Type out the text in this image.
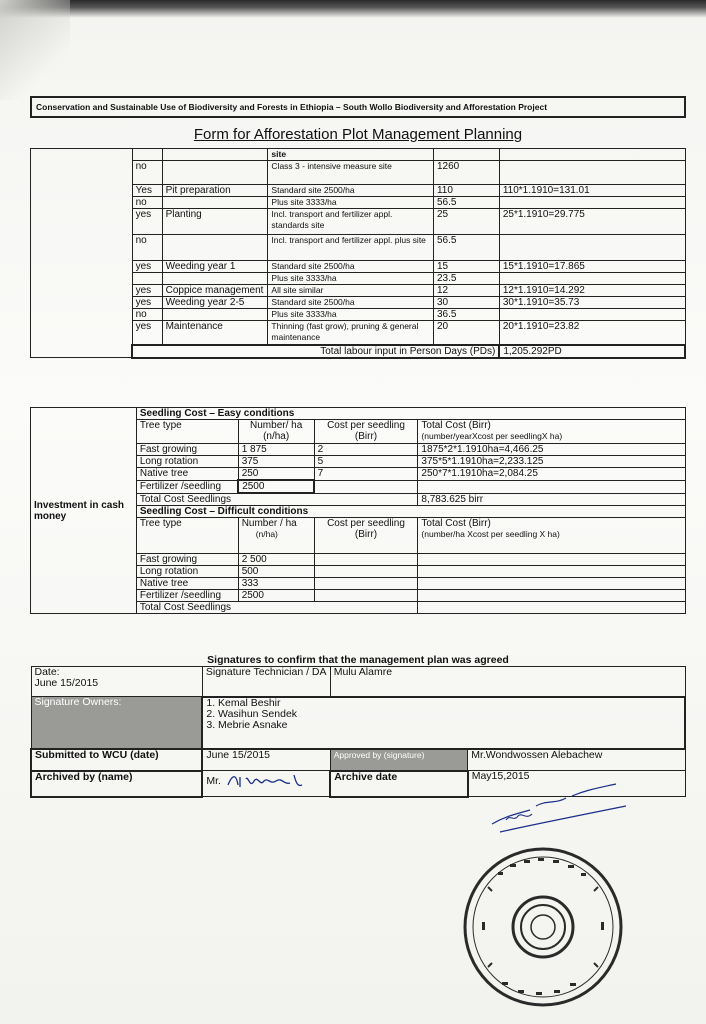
Conservation and Sustainable Use of Biodiversity and Forests in Ethiopia – South Wollo Biodiversity and Afforestation Project
Form for Afforestation Plot Management Planning
			site		
	no		Class 3 - intensive measure site	1260	
	Yes	Pit preparation	Standard site 2500/ha	110	110*1.1910=131.01
	no		Plus site 3333/ha	56.5	
	yes	Planting	Incl. transport and fertilizer appl. standards site	25	25*1.1910=29.775
	no		Incl. transport and fertilizer appl. plus site	56.5	
	yes	Weeding year 1	Standard site 2500/ha	15	15*1.1910=17.865
			Plus site 3333/ha	23.5	
	yes	Coppice management	All site similar	12	12*1.1910=14.292
	yes	Weeding year 2-5	Standard site 2500/ha	30	30*1.1910=35.73
	no		Plus site 3333/ha	36.5	
	yes	Maintenance	Thinning (fast grow), pruning & general maintenance	20	20*1.1910=23.82
	Total labour input in Person Days (PDs)				1,205.292PD
Investment in cash money	Seedling Cost – Easy conditions			
	Tree type	Number/ ha (n/ha)	Cost per seedling (Birr)	Total Cost (Birr)
(number/yearXcost per seedlingX ha)
	Fast growing	1 875	2	1875*2*1.1910ha=4,466.25
	Long rotation	375	5	375*5*1.1910ha=2,233.125
	Native tree	250	7	250*7*1.1910ha=2,084.25
	Fertilizer /seedling	2500		
	Total Cost Seedlings			8,783.625 birr
	Seedling Cost – Difficult conditions			
	Tree type	Number / ha
(n/ha)	Cost per seedling (Birr)	Total Cost (Birr)
(number/ha Xcost per seedling X ha)
	Fast growing	2 500		
	Long rotation	500		
	Native tree	333		
	Fertilizer /seedling	2500		
	Total Cost Seedlings			
Signatures to confirm that the management plan was agreed
Date:
June 15/2015	Signature Technician / DA	Mulu Alamre	
Signature Owners:	1. Kemal Beshir
2. Wasihun Sendek
3. Mebrie Asnake		

Submitted to WCU (date)	June 15/2015	Approved by (signature)	Mr.Wondwossen Alebachew
Archived by (name)	Mr.	Archive date	May15,2015
